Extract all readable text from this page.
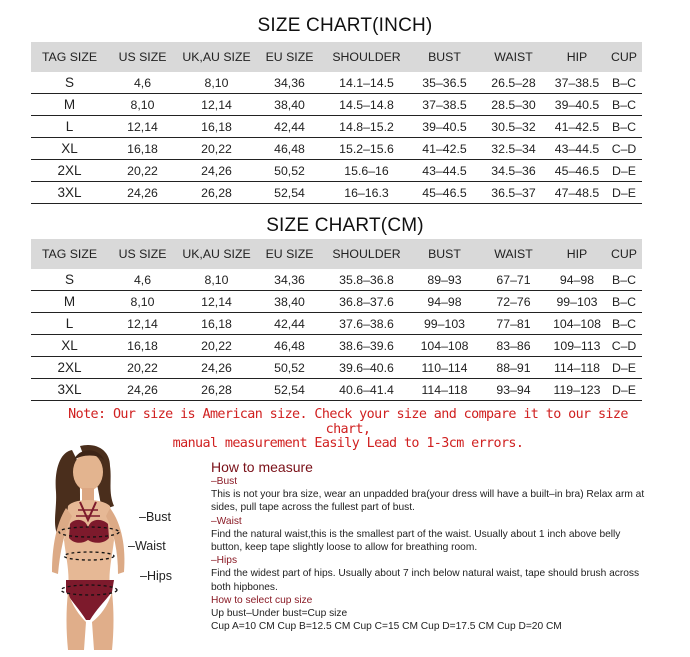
SIZE CHART(INCH)
TAG SIZE	US SIZE	UK,AU SIZE	EU SIZE	SHOULDER	BUST	WAIST	HIP	CUP
S	4,6	8,10	34,36	14.1–14.5	35–36.5	26.5–28	37–38.5	B–C
M	8,10	12,14	38,40	14.5–14.8	37–38.5	28.5–30	39–40.5	B–C
L	12,14	16,18	42,44	14.8–15.2	39–40.5	30.5–32	41–42.5	B–C
XL	16,18	20,22	46,48	15.2–15.6	41–42.5	32.5–34	43–44.5	C–D
2XL	20,22	24,26	50,52	15.6–16	43–44.5	34.5–36	45–46.5	D–E
3XL	24,26	26,28	52,54	16–16.3	45–46.5	36.5–37	47–48.5	D–E
SIZE CHART(CM)
TAG SIZE	US SIZE	UK,AU SIZE	EU SIZE	SHOULDER	BUST	WAIST	HIP	CUP
S	4,6	8,10	34,36	35.8–36.8	89–93	67–71	94–98	B–C
M	8,10	12,14	38,40	36.8–37.6	94–98	72–76	99–103	B–C
L	12,14	16,18	42,44	37.6–38.6	99–103	77–81	104–108	B–C
XL	16,18	20,22	46,48	38.6–39.6	104–108	83–86	109–113	C–D
2XL	20,22	24,26	50,52	39.6–40.6	110–114	88–91	114–118	D–E
3XL	24,26	26,28	52,54	40.6–41.4	114–118	93–94	119–123	D–E
Note: Our size is American size. Check your size and compare it to our size chart,
manual measurement Easily Lead to 1-3cm errors.
–Bust
–Waist
–Hips

How to measure

–Bust

This is not your bra size, wear an unpadded bra(your dress will have a built–in bra) Relax arm at sides, pull tape across the fullest part of bust.

–Waist

Find the natural waist,this is the smallest part of the waist. Usually about 1 inch above belly button, keep tape slightly loose to allow for breathing room.

–Hips

Find the widest part of hips. Usually about 7 inch below natural waist, tape should brush across both hipbones.

How to select cup size

Up bust–Under bust=Cup size

Cup A=10 CM Cup B=12.5 CM Cup C=15 CM Cup D=17.5 CM Cup D=20 CM
